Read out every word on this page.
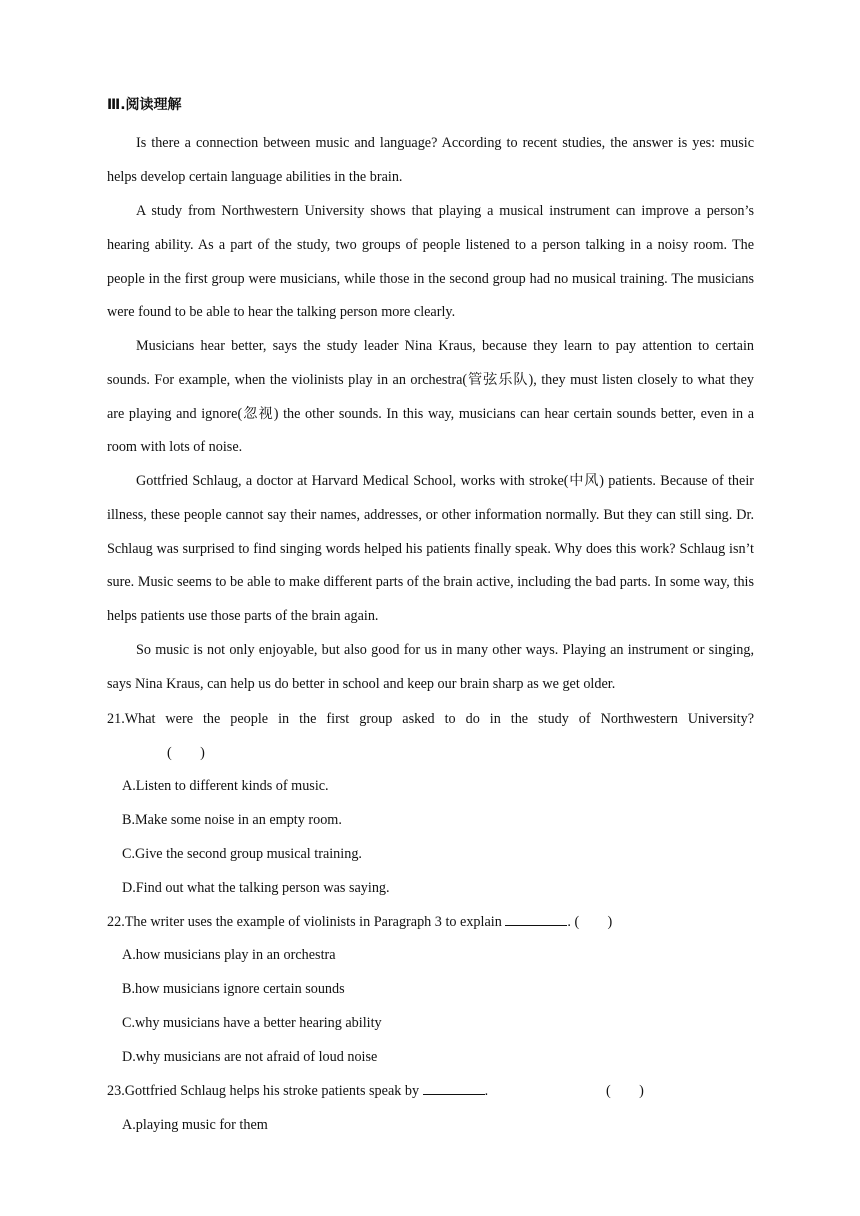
Ⅲ.阅读理解

Is there a connection between music and language? According to recent studies, the answer is yes: music helps develop certain language abilities in the brain.

A study from Northwestern University shows that playing a musical instrument can improve a person’s hearing ability. As a part of the study, two groups of people listened to a person talking in a noisy room. The people in the first group were musicians, while those in the second group had no musical training. The musicians were found to be able to hear the talking person more clearly.

Musicians hear better, says the study leader Nina Kraus, because they learn to pay attention to certain sounds. For example, when the violinists play in an orchestra(管弦乐队), they must listen closely to what they are playing and ignore(忽视) the other sounds. In this way, musicians can hear certain sounds better, even in a room with lots of noise.

Gottfried Schlaug, a doctor at Harvard Medical School, works with stroke(中风) patients. Because of their illness, these people cannot say their names, addresses, or other information normally. But they can still sing. Dr. Schlaug was surprised to find singing words helped his patients finally speak. Why does this work? Schlaug isn’t sure. Music seems to be able to make different parts of the brain active, including the bad parts. In some way, this helps patients use those parts of the brain again.

So music is not only enjoyable, but also good for us in many other ways. Playing an instrument or singing, says Nina Kraus, can help us do better in school and keep our brain sharp as we get older.

21.What were the people in the first group asked to do in the study of Northwestern University?
(　　)
A.Listen to different kinds of music.
B.Make some noise in an empty room.
C.Give the second group musical training.
D.Find out what the talking person was saying.
22.The writer uses the example of violinists in Paragraph 3 to explain	. (　　)
A.how musicians play in an orchestra
B.how musicians ignore certain sounds
C.why musicians have a better hearing ability
D.why musicians are not afraid of loud noise
23.Gottfried Schlaug helps his stroke patients speak by	.	(　　)
A.playing music for them
